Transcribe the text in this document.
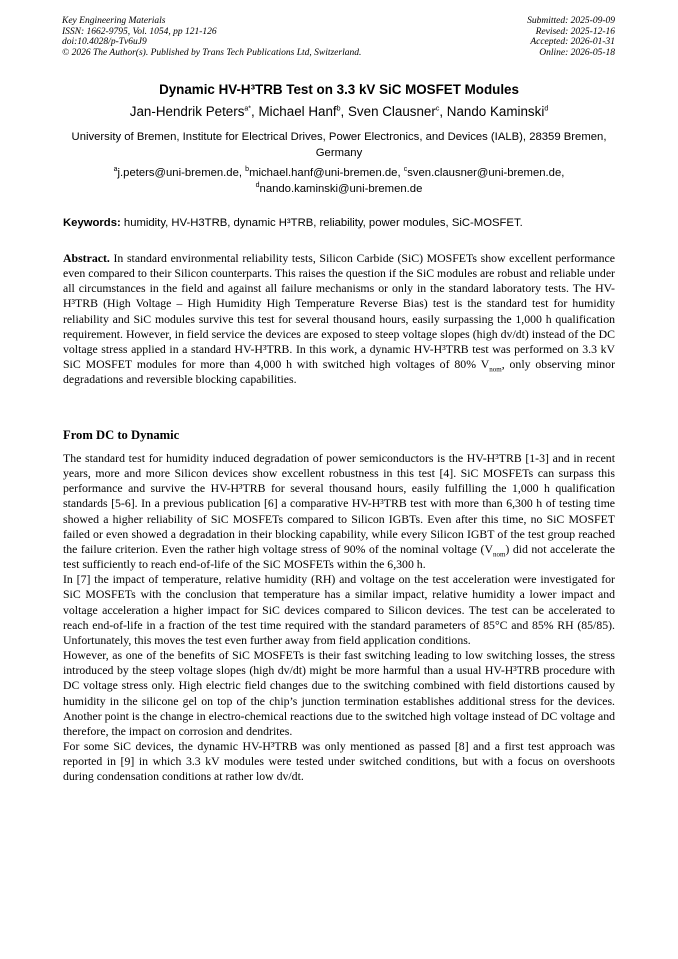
Key Engineering Materials
ISSN: 1662-9795, Vol. 1054, pp 121-126
doi:10.4028/p-Tv6uJ9
© 2026 The Author(s). Published by Trans Tech Publications Ltd, Switzerland.
Submitted: 2025-09-09
Revised: 2025-12-16
Accepted: 2026-01-31
Online: 2026-05-18
Dynamic HV-H³TRB Test on 3.3 kV SiC MOSFET Modules
Jan-Hendrik Peters$^{a*}$, Michael Hanf$^b$, Sven Clausner$^c$, Nando Kaminski$^d$
University of Bremen, Institute for Electrical Drives, Power Electronics, and Devices (IALB), 28359 Bremen, Germany
$^a$j.peters@uni-bremen.de, $^b$michael.hanf@uni-bremen.de, $^c$sven.clausner@uni-bremen.de,
$^d$nando.kaminski@uni-bremen.de
Keywords: humidity, HV-H3TRB, dynamic H³TRB, reliability, power modules, SiC-MOSFET.

Abstract. In standard environmental reliability tests, Silicon Carbide (SiC) MOSFETs show excellent performance even compared to their Silicon counterparts. This raises the question if the SiC modules are robust and reliable under all circumstances in the field and against all failure mechanisms or only in the standard laboratory tests. The HV-H³TRB (High Voltage – High Humidity High Temperature Reverse Bias) test is the standard test for humidity reliability and SiC modules survive this test for several thousand hours, easily surpassing the 1,000 h qualification requirement. However, in field service the devices are exposed to steep voltage slopes (high dv/dt) instead of the DC voltage stress applied in a standard HV-H³TRB. In this work, a dynamic HV-H³TRB test was performed on 3.3 kV SiC MOSFET modules for more than 4,000 h with switched high voltages of 80% $V_{nom}$, only observing minor degradations and reversible blocking capabilities.

From DC to Dynamic

The standard test for humidity induced degradation of power semiconductors is the HV-H³TRB [1-3] and in recent years, more and more Silicon devices show excellent robustness in this test [4]. SiC MOSFETs can surpass this performance and survive the HV-H³TRB for several thousand hours, easily fulfilling the 1,000 h qualification standards [5-6]. In a previous publication [6] a comparative HV-H³TRB test with more than 6,300 h of testing time showed a higher reliability of SiC MOSFETs compared to Silicon IGBTs. Even after this time, no SiC MOSFET failed or even showed a degradation in their blocking capability, while every Silicon IGBT of the test group reached the failure criterion. Even the rather high voltage stress of 90% of the nominal voltage $(V_{nom})$ did not accelerate the test sufficiently to reach end-of-life of the SiC MOSFETs within the 6,300 h.

In [7] the impact of temperature, relative humidity (RH) and voltage on the test acceleration were investigated for SiC MOSFETs with the conclusion that temperature has a similar impact, relative humidity a lower impact and voltage acceleration a higher impact for SiC devices compared to Silicon devices. The test can be accelerated to reach end-of-life in a fraction of the test time required with the standard parameters of 85°C and 85% RH (85/85). Unfortunately, this moves the test even further away from field application conditions.

However, as one of the benefits of SiC MOSFETs is their fast switching leading to low switching losses, the stress introduced by the steep voltage slopes (high dv/dt) might be more harmful than a usual HV-H³TRB procedure with DC voltage stress only. High electric field changes due to the switching combined with field distortions caused by humidity in the silicone gel on top of the chip’s junction termination establishes additional stress for the devices. Another point is the change in electro-chemical reactions due to the switched high voltage instead of DC voltage and therefore, the impact on corrosion and dendrites.

For some SiC devices, the dynamic HV-H³TRB was only mentioned as passed [8] and a first test approach was reported in [9] in which 3.3 kV modules were tested under switched conditions, but with a focus on overshoots during condensation conditions at rather low dv/dt.
